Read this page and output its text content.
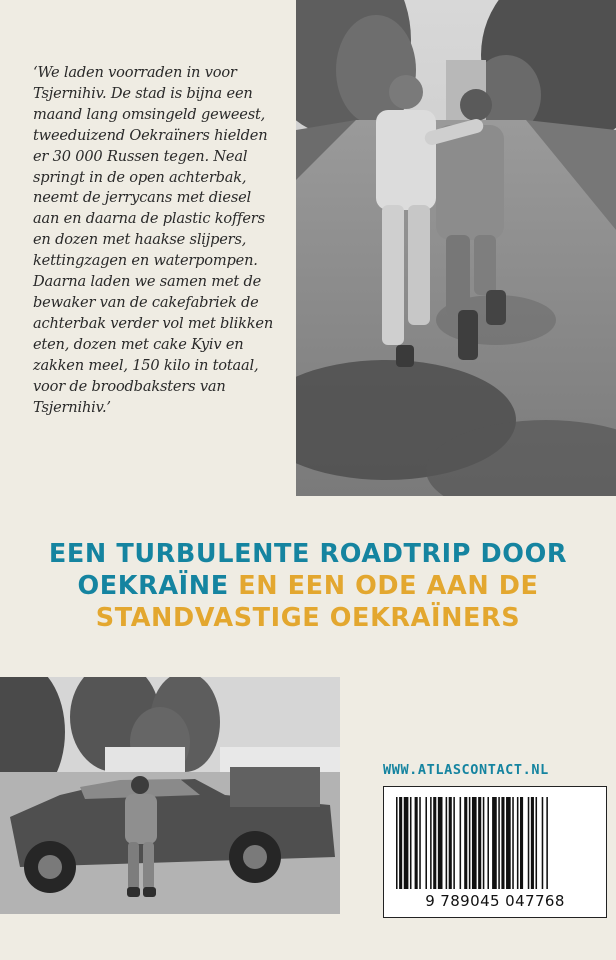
‘We laden voorraden in voor
Tsjernihiv. De stad is bijna een
maand lang omsingeld geweest,
tweeduizend Oekraïners hielden
er 30 000 Russen tegen. Neal
springt in de open achterbak,
neemt de jerrycans met diesel
aan en daarna de plastic koffers
en dozen met haakse slijpers,
kettingzagen en waterpompen.
Daarna laden we samen met de
bewaker van de cakefabriek de
achterbak verder vol met blikken
eten, dozen met cake Kyiv en
zakken meel, 150 kilo in totaal,
voor de broodbaksters van
Tsjernihiv.’

EEN TURBULENTE ROADTRIP DOOR
OEKRAÏNE EN EEN ODE AAN DE
STANDVASTIGE OEKRAÏNERS
WWW.ATLASCONTACT.NL
9 789045 047768
